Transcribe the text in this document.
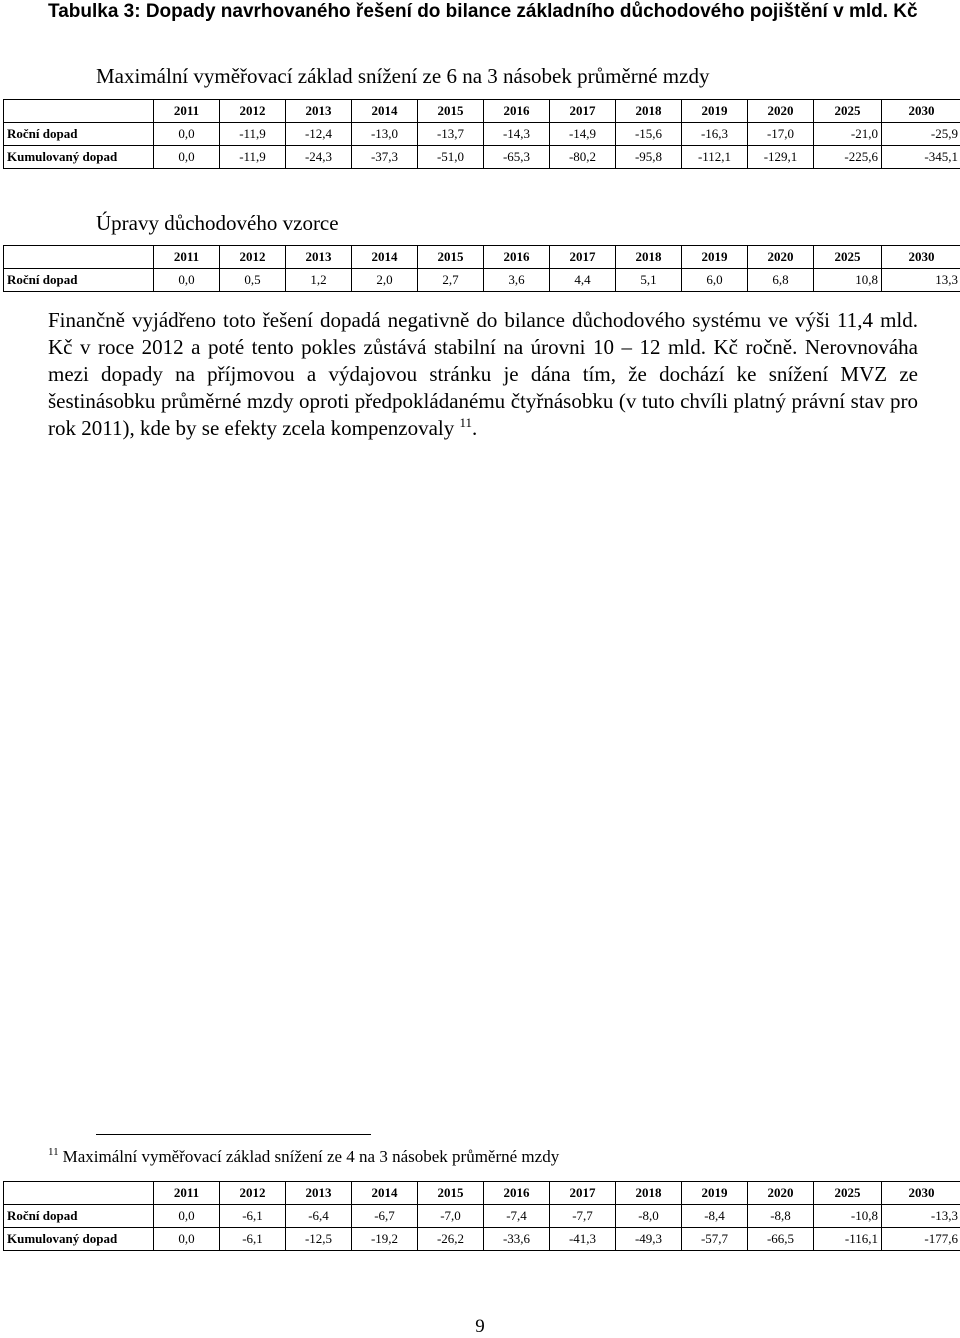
Tabulka 3: Dopady navrhovaného řešení do bilance základního důchodového pojištění v mld. Kč
Maximální vyměřovací základ snížení ze 6 na 3 násobek průměrné mzdy
	2011	2012	2013	2014	2015	2016	2017	2018	2019	2020	2025	2030
Roční dopad	0,0	-11,9	-12,4	-13,0	-13,7	-14,3	-14,9	-15,6	-16,3	-17,0	-21,0	-25,9
Kumulovaný dopad	0,0	-11,9	-24,3	-37,3	-51,0	-65,3	-80,2	-95,8	-112,1	-129,1	-225,6	-345,1
Úpravy důchodového vzorce
	2011	2012	2013	2014	2015	2016	2017	2018	2019	2020	2025	2030
Roční dopad	0,0	0,5	1,2	2,0	2,7	3,6	4,4	5,1	6,0	6,8	10,8	13,3
Finančně vyjádřeno toto řešení dopadá negativně do bilance důchodového systému ve výši 11,4 mld. Kč v roce 2012 a poté tento pokles zůstává stabilní na úrovni 10 – 12 mld. Kč ročně. Nerovnováha mezi dopady na příjmovou a výdajovou stránku je dána tím, že dochází ke snížení MVZ ze šestinásobku průměrné mzdy oproti předpokládanému čtyřnásobku (v tuto chvíli platný právní stav pro rok 2011), kde by se efekty zcela kompenzovaly $^{11}$.
$^{11}$ Maximální vyměřovací základ snížení ze 4 na 3 násobek průměrné mzdy
	2011	2012	2013	2014	2015	2016	2017	2018	2019	2020	2025	2030
Roční dopad	0,0	-6,1	-6,4	-6,7	-7,0	-7,4	-7,7	-8,0	-8,4	-8,8	-10,8	-13,3
Kumulovaný dopad	0,0	-6,1	-12,5	-19,2	-26,2	-33,6	-41,3	-49,3	-57,7	-66,5	-116,1	-177,6
9
